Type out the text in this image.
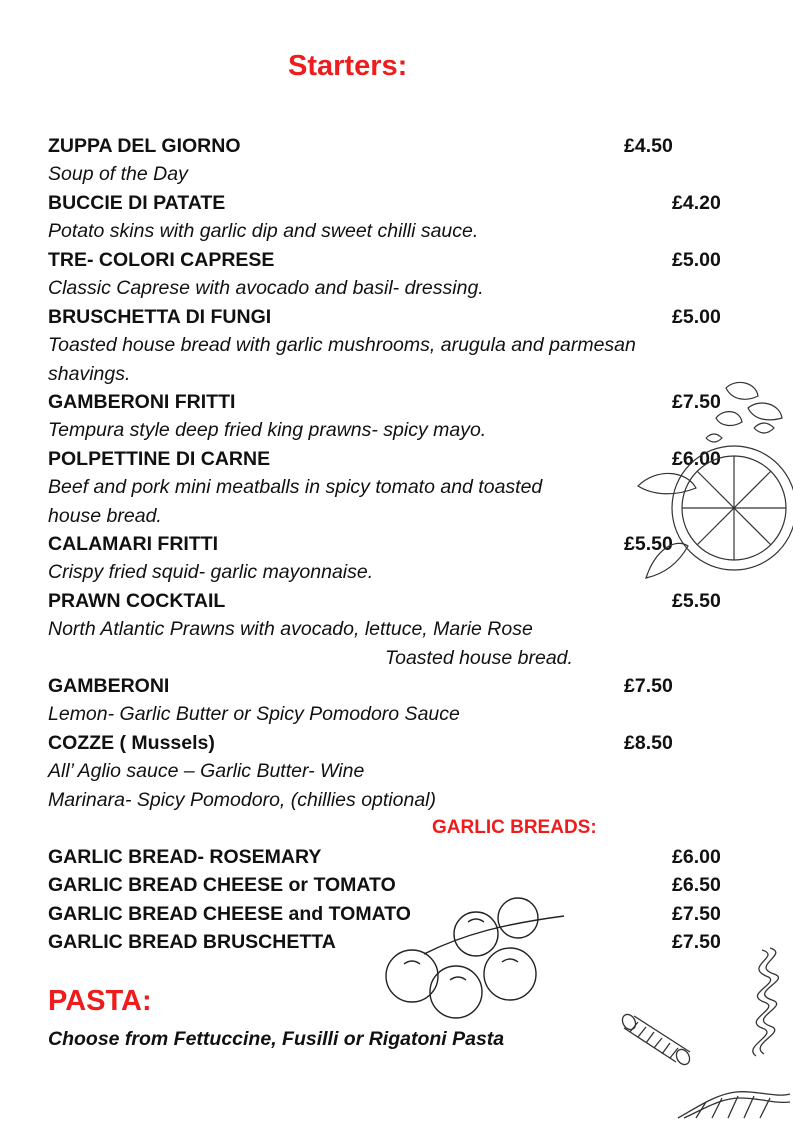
Starters:
ZUPPA DEL GIORNO	£4.50
Soup of the Day
BUCCIE DI PATATE	£4.20
Potato skins with garlic dip and sweet chilli sauce.
TRE- COLORI CAPRESE	£5.00
Classic Caprese with avocado and basil- dressing.
BRUSCHETTA DI FUNGI	£5.00
Toasted house bread with garlic mushrooms, arugula and parmesan
shavings.
GAMBERONI FRITTI	£7.50
Tempura style deep fried king prawns- spicy mayo.
POLPETTINE DI CARNE	£6.00
Beef and pork mini meatballs in spicy tomato and toasted
house bread.
CALAMARI FRITTI	£5.50
Crispy fried squid- garlic mayonnaise.
PRAWN COCKTAIL	£5.50
North Atlantic Prawns with avocado, lettuce, Marie Rose
Toasted house bread.
GAMBERONI	£7.50
Lemon- Garlic Butter or Spicy Pomodoro Sauce
COZZE ( Mussels)	£8.50
All’ Aglio sauce – Garlic Butter- Wine
Marinara- Spicy Pomodoro, (chillies optional)
GARLIC BREADS:
GARLIC BREAD- ROSEMARY	£6.00
GARLIC BREAD CHEESE or TOMATO	£6.50
GARLIC BREAD CHEESE and TOMATO	£7.50
GARLIC BREAD BRUSCHETTA	£7.50
PASTA:
Choose from Fettuccine, Fusilli or Rigatoni Pasta
